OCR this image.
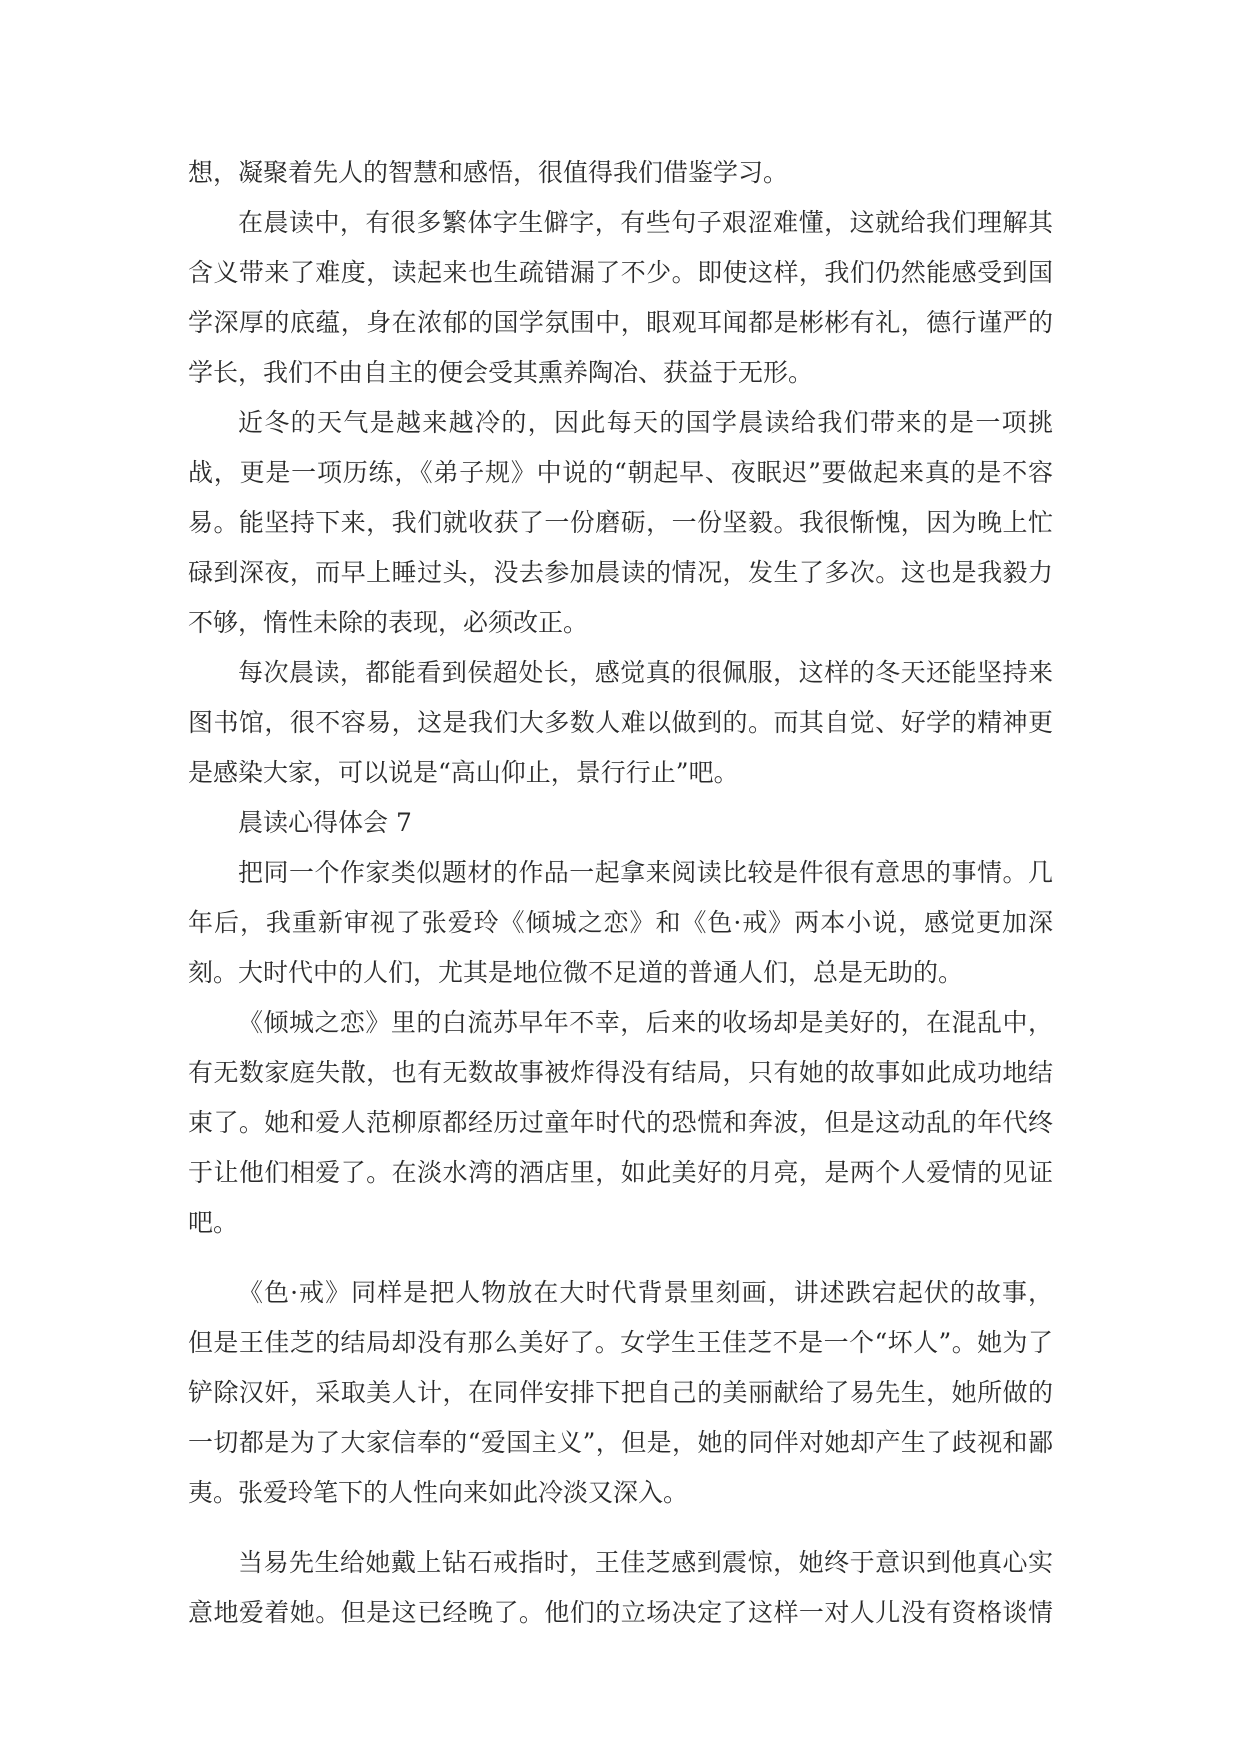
想，凝聚着先人的智慧和感悟，很值得我们借鉴学习。
在晨读中，有很多繁体字生僻字，有些句子艰涩难懂，这就给我们理解其
含义带来了难度，读起来也生疏错漏了不少。即使这样，我们仍然能感受到国
学深厚的底蕴，身在浓郁的国学氛围中，眼观耳闻都是彬彬有礼，德行谨严的
学长，我们不由自主的便会受其熏养陶冶、获益于无形。
近冬的天气是越来越冷的，因此每天的国学晨读给我们带来的是一项挑
战，更是一项历练，《弟子规》中说的“朝起早、夜眠迟”要做起来真的是不容
易。能坚持下来，我们就收获了一份磨砺，一份坚毅。我很惭愧，因为晚上忙
碌到深夜，而早上睡过头，没去参加晨读的情况，发生了多次。这也是我毅力
不够，惰性未除的表现，必须改正。
每次晨读，都能看到侯超处长，感觉真的很佩服，这样的冬天还能坚持来
图书馆，很不容易，这是我们大多数人难以做到的。而其自觉、好学的精神更
是感染大家，可以说是“高山仰止，景行行止”吧。
晨读心得体会 7
把同一个作家类似题材的作品一起拿来阅读比较是件很有意思的事情。几
年后，我重新审视了张爱玲《倾城之恋》和《色·戒》两本小说，感觉更加深
刻。大时代中的人们，尤其是地位微不足道的普通人们，总是无助的。
《倾城之恋》里的白流苏早年不幸，后来的收场却是美好的，在混乱中，
有无数家庭失散，也有无数故事被炸得没有结局，只有她的故事如此成功地结
束了。她和爱人范柳原都经历过童年时代的恐慌和奔波，但是这动乱的年代终
于让他们相爱了。在淡水湾的酒店里，如此美好的月亮，是两个人爱情的见证
吧。
《色·戒》同样是把人物放在大时代背景里刻画，讲述跌宕起伏的故事，
但是王佳芝的结局却没有那么美好了。女学生王佳芝不是一个“坏人”。她为了
铲除汉奸，采取美人计，在同伴安排下把自己的美丽献给了易先生，她所做的
一切都是为了大家信奉的“爱国主义”，但是，她的同伴对她却产生了歧视和鄙
夷。张爱玲笔下的人性向来如此冷淡又深入。
当易先生给她戴上钻石戒指时，王佳芝感到震惊，她终于意识到他真心实
意地爱着她。但是这已经晚了。他们的立场决定了这样一对人儿没有资格谈情
